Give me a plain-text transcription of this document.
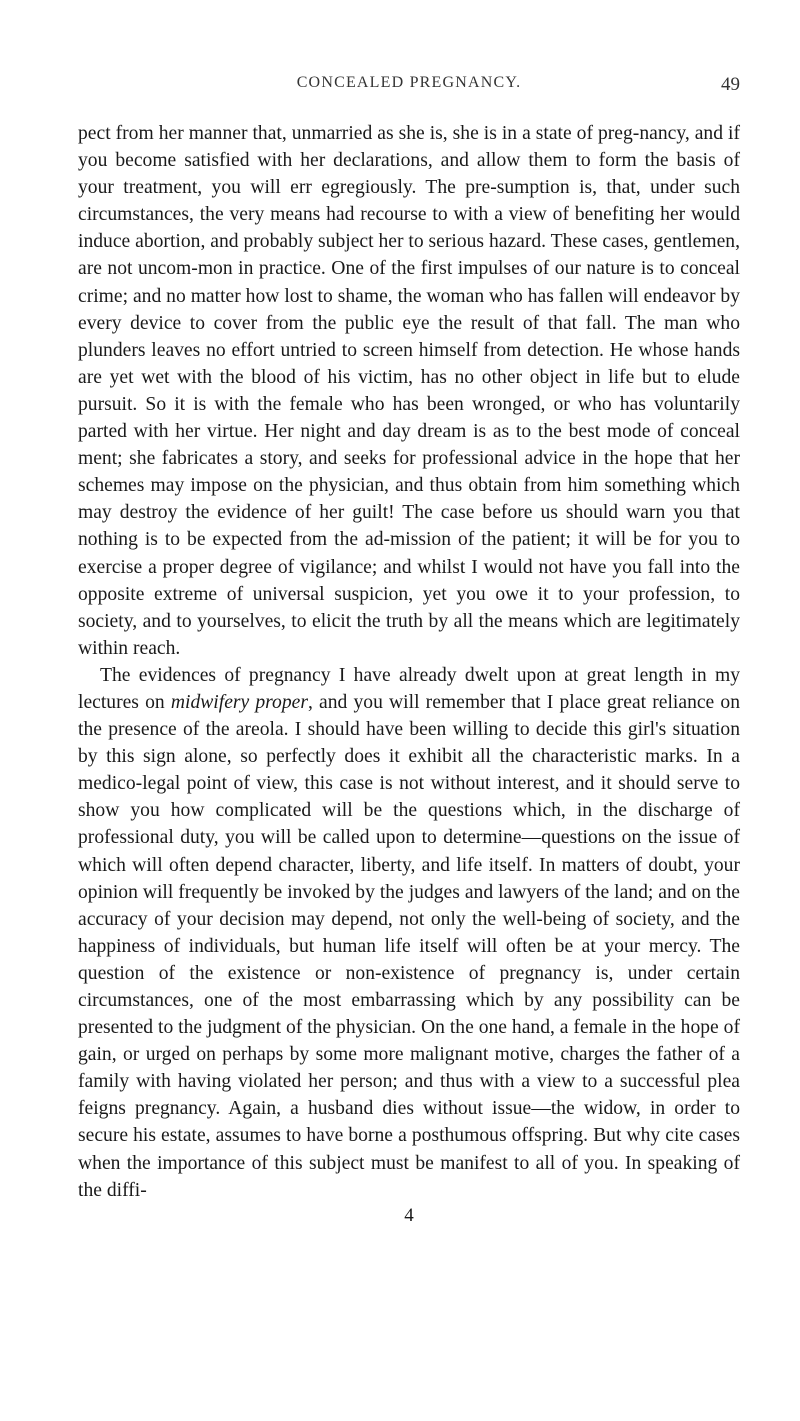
CONCEALED PREGNANCY.	49

pect from her manner that, unmarried as she is, she is in a state of preg-nancy, and if you become satisfied with her declarations, and allow them to form the basis of your treatment, you will err egregiously. The pre-sumption is, that, under such circumstances, the very means had recourse to with a view of benefiting her would induce abortion, and probably subject her to serious hazard. These cases, gentlemen, are not uncom-mon in practice. One of the first impulses of our nature is to conceal crime; and no matter how lost to shame, the woman who has fallen will endeavor by every device to cover from the public eye the result of that fall. The man who plunders leaves no effort untried to screen himself from detection. He whose hands are yet wet with the blood of his victim, has no other object in life but to elude pursuit. So it is with the female who has been wronged, or who has voluntarily parted with her virtue. Her night and day dream is as to the best mode of conceal ment; she fabricates a story, and seeks for professional advice in the hope that her schemes may impose on the physician, and thus obtain from him something which may destroy the evidence of her guilt! The case before us should warn you that nothing is to be expected from the ad-mission of the patient; it will be for you to exercise a proper degree of vigilance; and whilst I would not have you fall into the opposite extreme of universal suspicion, yet you owe it to your profession, to society, and to yourselves, to elicit the truth by all the means which are legitimately within reach.

The evidences of pregnancy I have already dwelt upon at great length in my lectures on midwifery proper, and you will remember that I place great reliance on the presence of the areola. I should have been willing to decide this girl's situation by this sign alone, so perfectly does it exhibit all the characteristic marks. In a medico-legal point of view, this case is not without interest, and it should serve to show you how complicated will be the questions which, in the discharge of professional duty, you will be called upon to determine—questions on the issue of which will often depend character, liberty, and life itself. In matters of doubt, your opinion will frequently be invoked by the judges and lawyers of the land; and on the accuracy of your decision may depend, not only the well-being of society, and the happiness of individuals, but human life itself will often be at your mercy. The question of the existence or non-existence of pregnancy is, under certain circumstances, one of the most embarrassing which by any possibility can be presented to the judgment of the physician. On the one hand, a female in the hope of gain, or urged on perhaps by some more malignant motive, charges the father of a family with having violated her person; and thus with a view to a successful plea feigns pregnancy. Again, a husband dies without issue—the widow, in order to secure his estate, assumes to have borne a posthumous offspring. But why cite cases when the importance of this subject must be manifest to all of you. In speaking of the diffi-

4
